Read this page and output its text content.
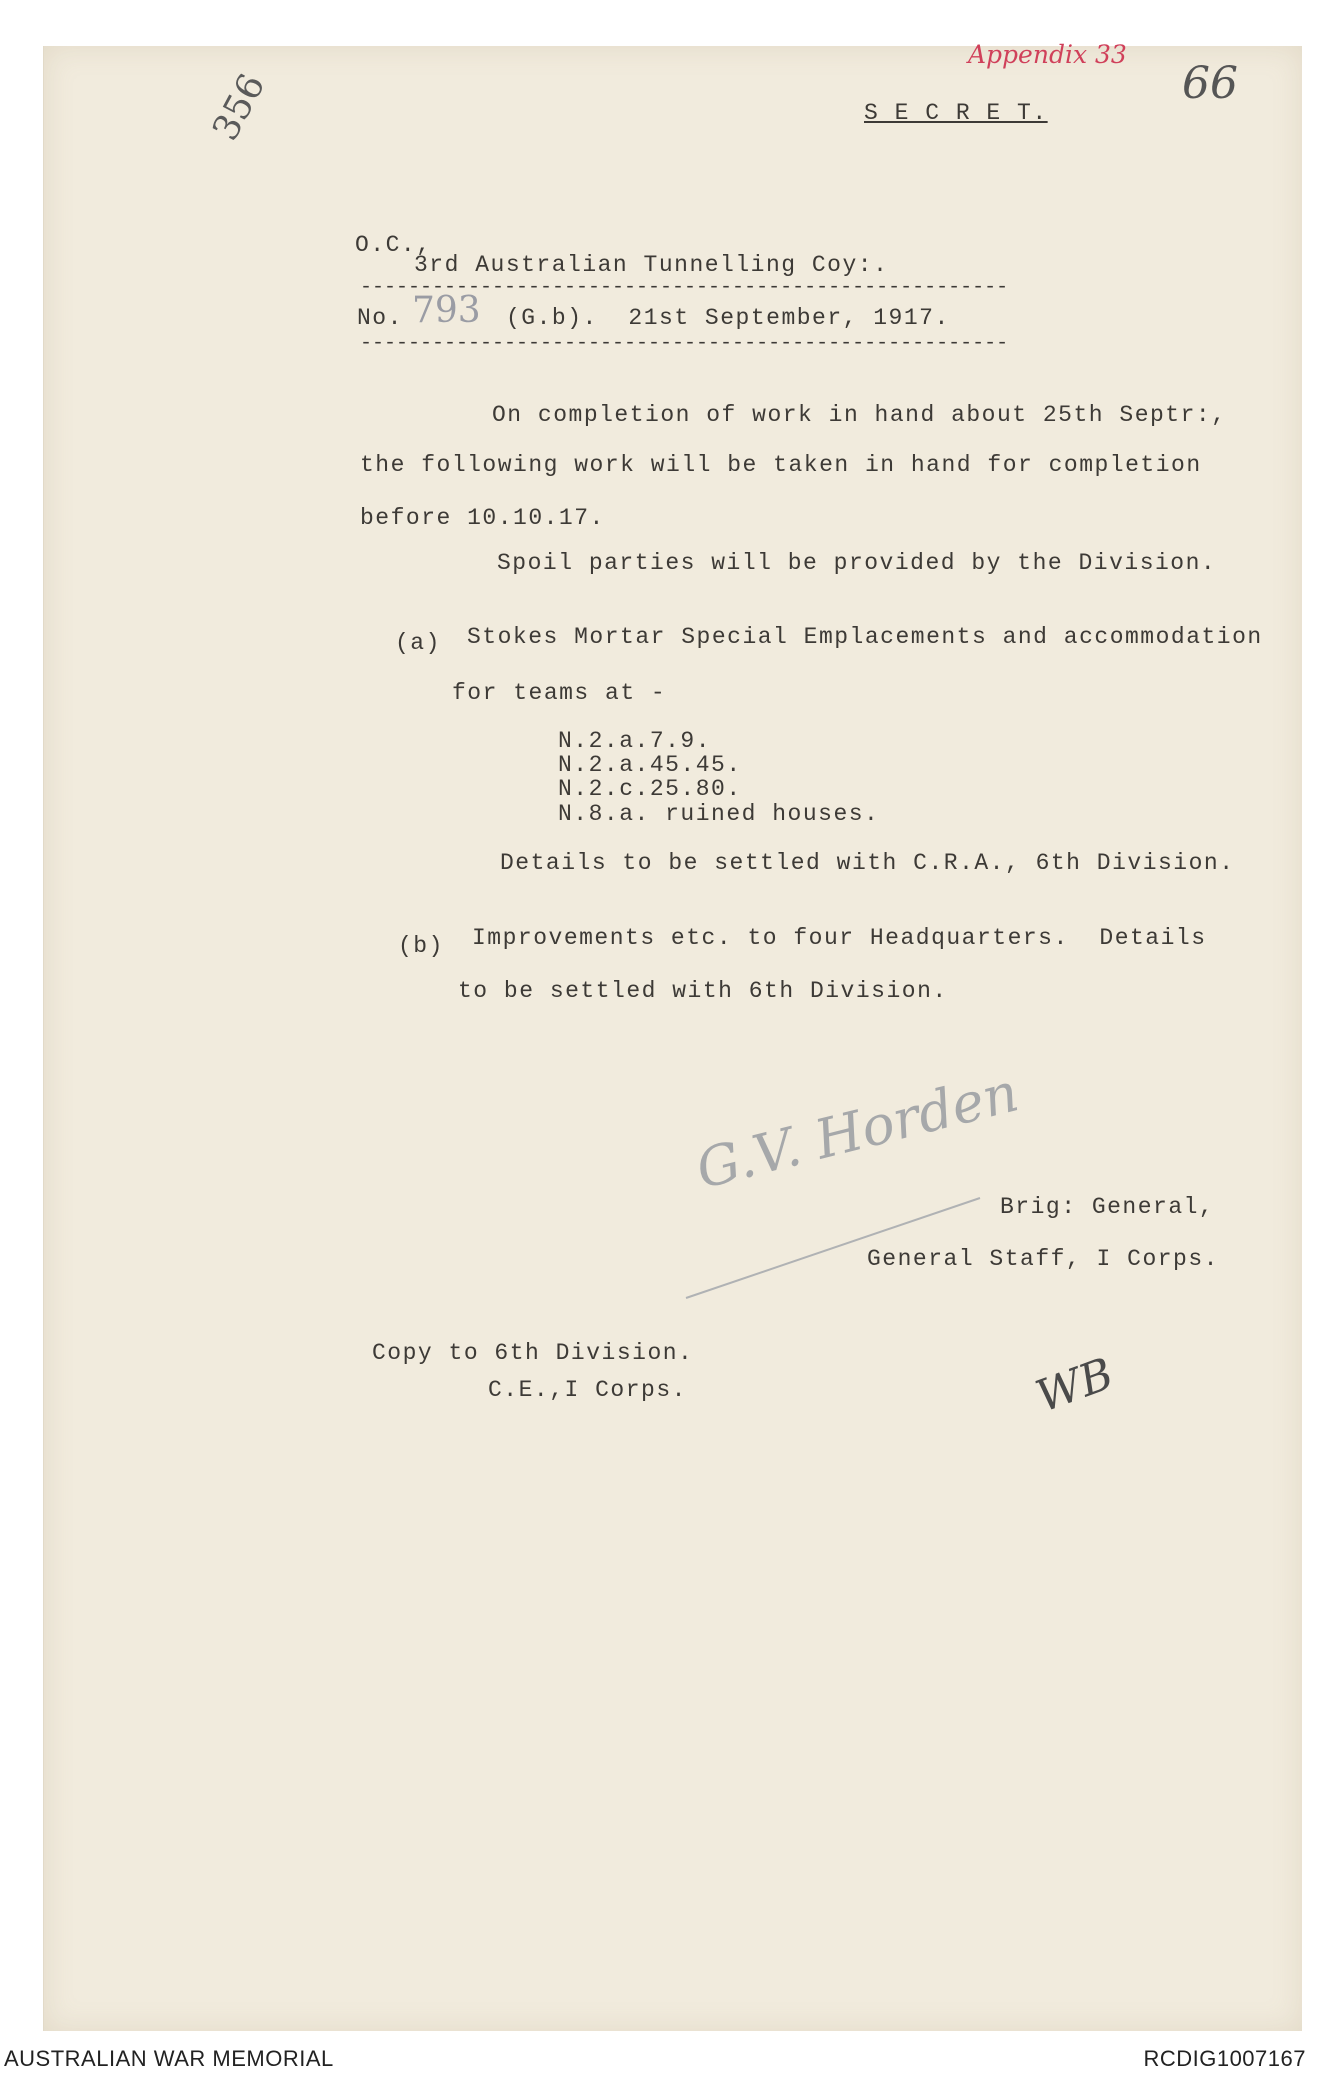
Appendix 33
66
356	S E C R E T.
O.C.,
3rd Australian Tunnelling Coy:.
------------------------------------------------------
No. 793 (G.b).  21st September, 1917.
------------------------------------------------------
On completion of work in hand about 25th Septr:,
the following work will be taken in hand for completion
before 10.10.17.
Spoil parties will be provided by the Division.
(a) Stokes Mortar Special Emplacements and accommodation
for teams at -
N.2.a.7.9.
N.2.a.45.45.
N.2.c.25.80.
N.8.a. ruined houses.
Details to be settled with C.R.A., 6th Division.
(b) Improvements etc. to four Headquarters.  Details
to be settled with 6th Division.
G.V. Horden
Brig: General,
General Staff, I Corps.
Copy to 6th Division.
C.E.,I Corps.	WB
AUSTRALIAN WAR MEMORIAL	RCDIG1007167
